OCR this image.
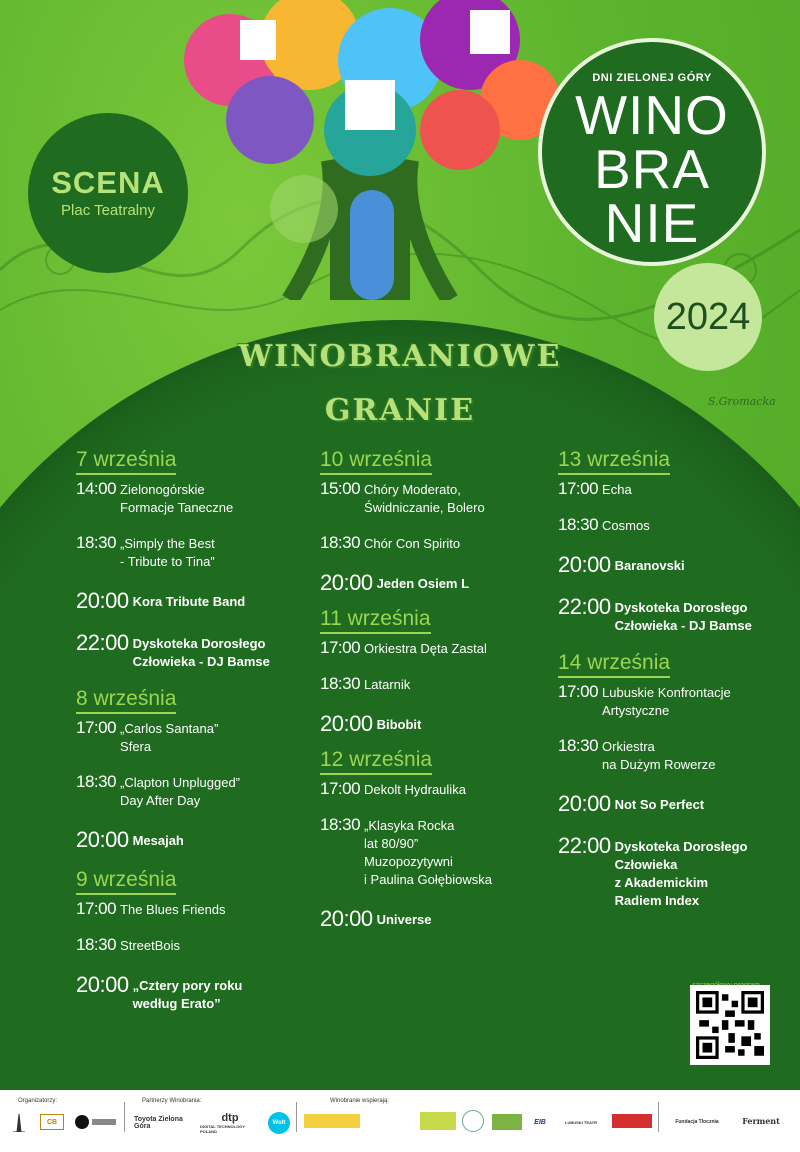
SCENA
Plac Teatralny
DNI ZIELONEJ GÓRY
WINO
BRA
NIE
2024
WINOBRANIOWE
GRANIE	S.Gromacka
7 września
14:00 Zielonogórskie
Formacje Taneczne
18:30 „Simply the Best
- Tribute to Tina”
20:00 Kora Tribute Band
22:00 Dyskoteka Dorosłego
Człowieka - DJ Bamse
8 września
17:00 „Carlos Santana”
Sfera
18:30 „Clapton Unplugged”
Day After Day
20:00 Mesajah
9 września
17:00 The Blues Friends
18:30 StreetBois
20:00 „Cztery pory roku
według Erato”
10 września
15:00 Chóry Moderato,
Świdniczanie, Bolero
18:30 Chór Con Spirito
20:00 Jeden Osiem L
11 września
17:00 Orkiestra Dęta Zastal
18:30 Latarnik
20:00 Bibobit
12 września
17:00 Dekolt Hydraulika
18:30 „Klasyka Rocka
lat 80/90”
Muzopozytywni
i Paulina Gołębiowska
20:00 Universe
13 września
17:00 Echa
18:30 Cosmos
20:00 Baranovski
22:00 Dyskoteka Dorosłego
Człowieka - DJ Bamse
14 września
17:00 Lubuskie Konfrontacje
Artystyczne
18:30 Orkiestra
na Dużym Rowerze
20:00 Not So Perfect
22:00 Dyskoteka Dorosłego
Człowieka
z Akademickim
Radiem Index
Organizatorzy:
CB
Partnerzy Winobrania:
Toyota Zielona Góra
dtp
DIGITAL TECHNOLOGY POLAND
Wolt
Winobranie wspierają:
EIB	LUBUSKI TEATR	Fundacja Tłocznia	Ferment
